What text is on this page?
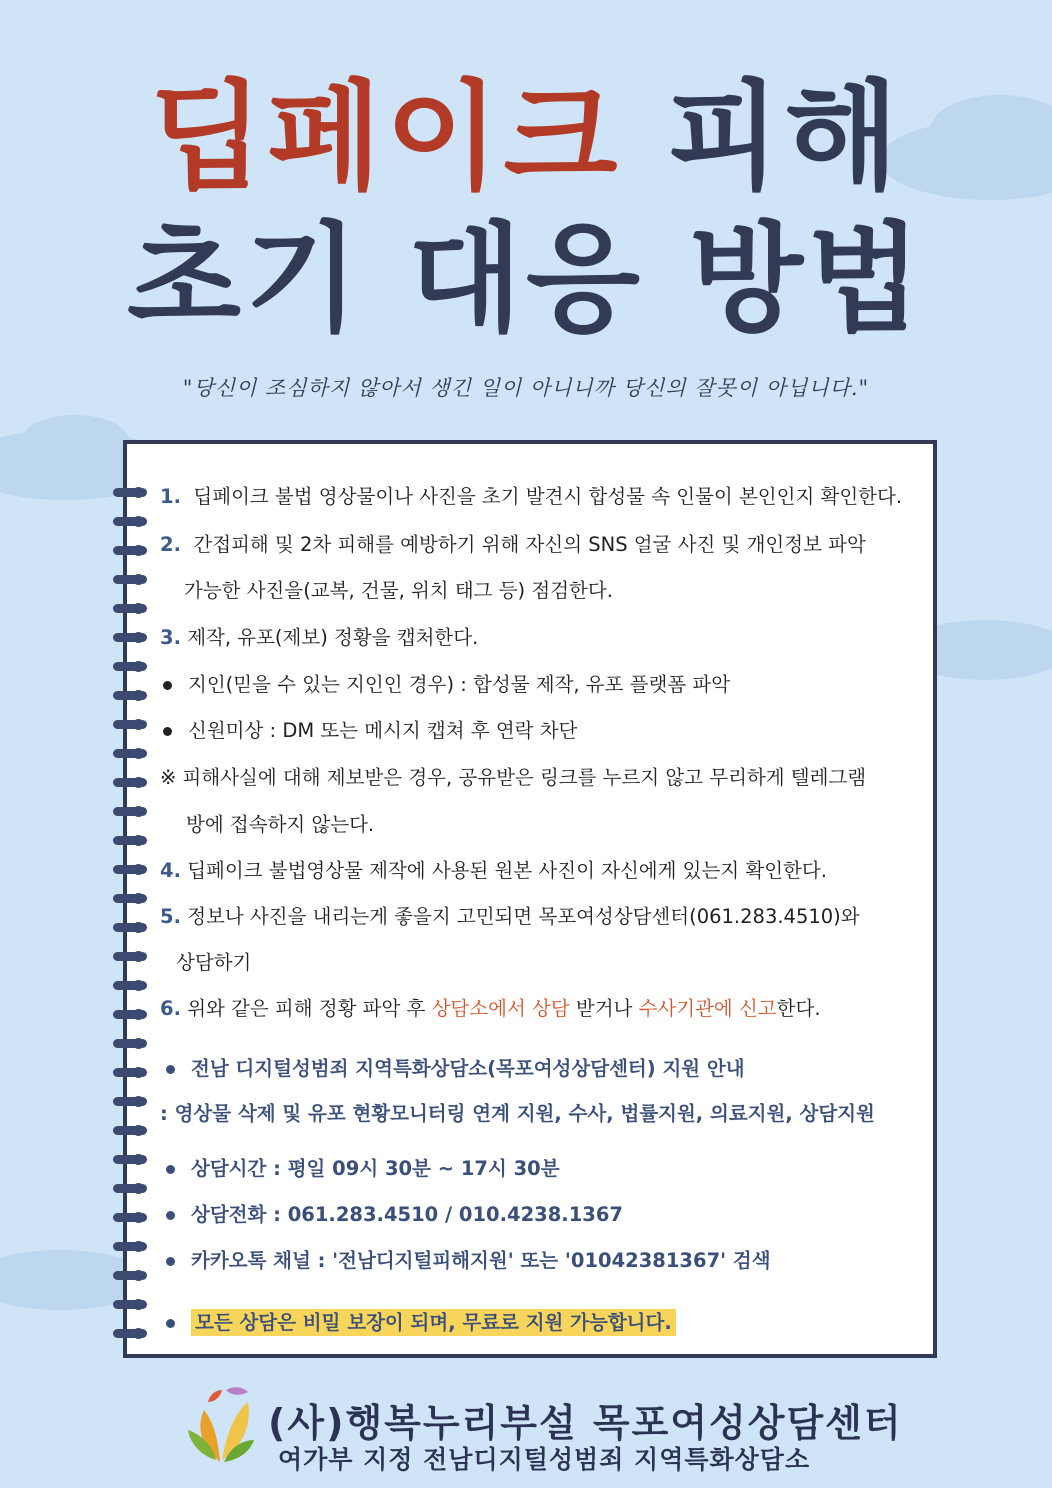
딥페이크 피해
초기 대응 방법
"당신이 조심하지 않아서 생긴 일이 아니니까 당신의 잘못이 아닙니다."
1. 딥페이크 불법 영상물이나 사진을 초기 발견시 합성물 속 인물이 본인인지 확인한다.
2. 간접피해 및 2차 피해를 예방하기 위해 자신의 SNS 얼굴 사진 및 개인정보 파악
가능한 사진을(교복, 건물, 위치 태그 등) 점검한다.
3. 제작, 유포(제보) 정황을 캡처한다.
지인(믿을 수 있는 지인인 경우) : 합성물 제작, 유포 플랫폼 파악
신원미상 : DM 또는 메시지 캡쳐 후 연락 차단
※ 피해사실에 대해 제보받은 경우, 공유받은 링크를 누르지 않고 무리하게 텔레그램
방에 접속하지 않는다.
4. 딥페이크 불법영상물 제작에 사용된 원본 사진이 자신에게 있는지 확인한다.
5. 정보나 사진을 내리는게 좋을지 고민되면 목포여성상담센터(061.283.4510)와
상담하기
6. 위와 같은 피해 정황 파악 후 상담소에서 상담 받거나 수사기관에 신고한다.
전남 디지털성범죄 지역특화상담소(목포여성상담센터) 지원 안내
: 영상물 삭제 및 유포 현황모니터링 연계 지원, 수사, 법률지원, 의료지원, 상담지원
상담시간 : 평일 09시 30분 ~ 17시 30분
상담전화 : 061.283.4510 / 010.4238.1367
카카오톡 채널 : '전남디지털피해지원' 또는 '01042381367' 검색
모든 상담은 비밀 보장이 되며, 무료로 지원 가능합니다.
(사)행복누리부설 목포여성상담센터
여가부 지정 전남디지털성범죄 지역특화상담소
